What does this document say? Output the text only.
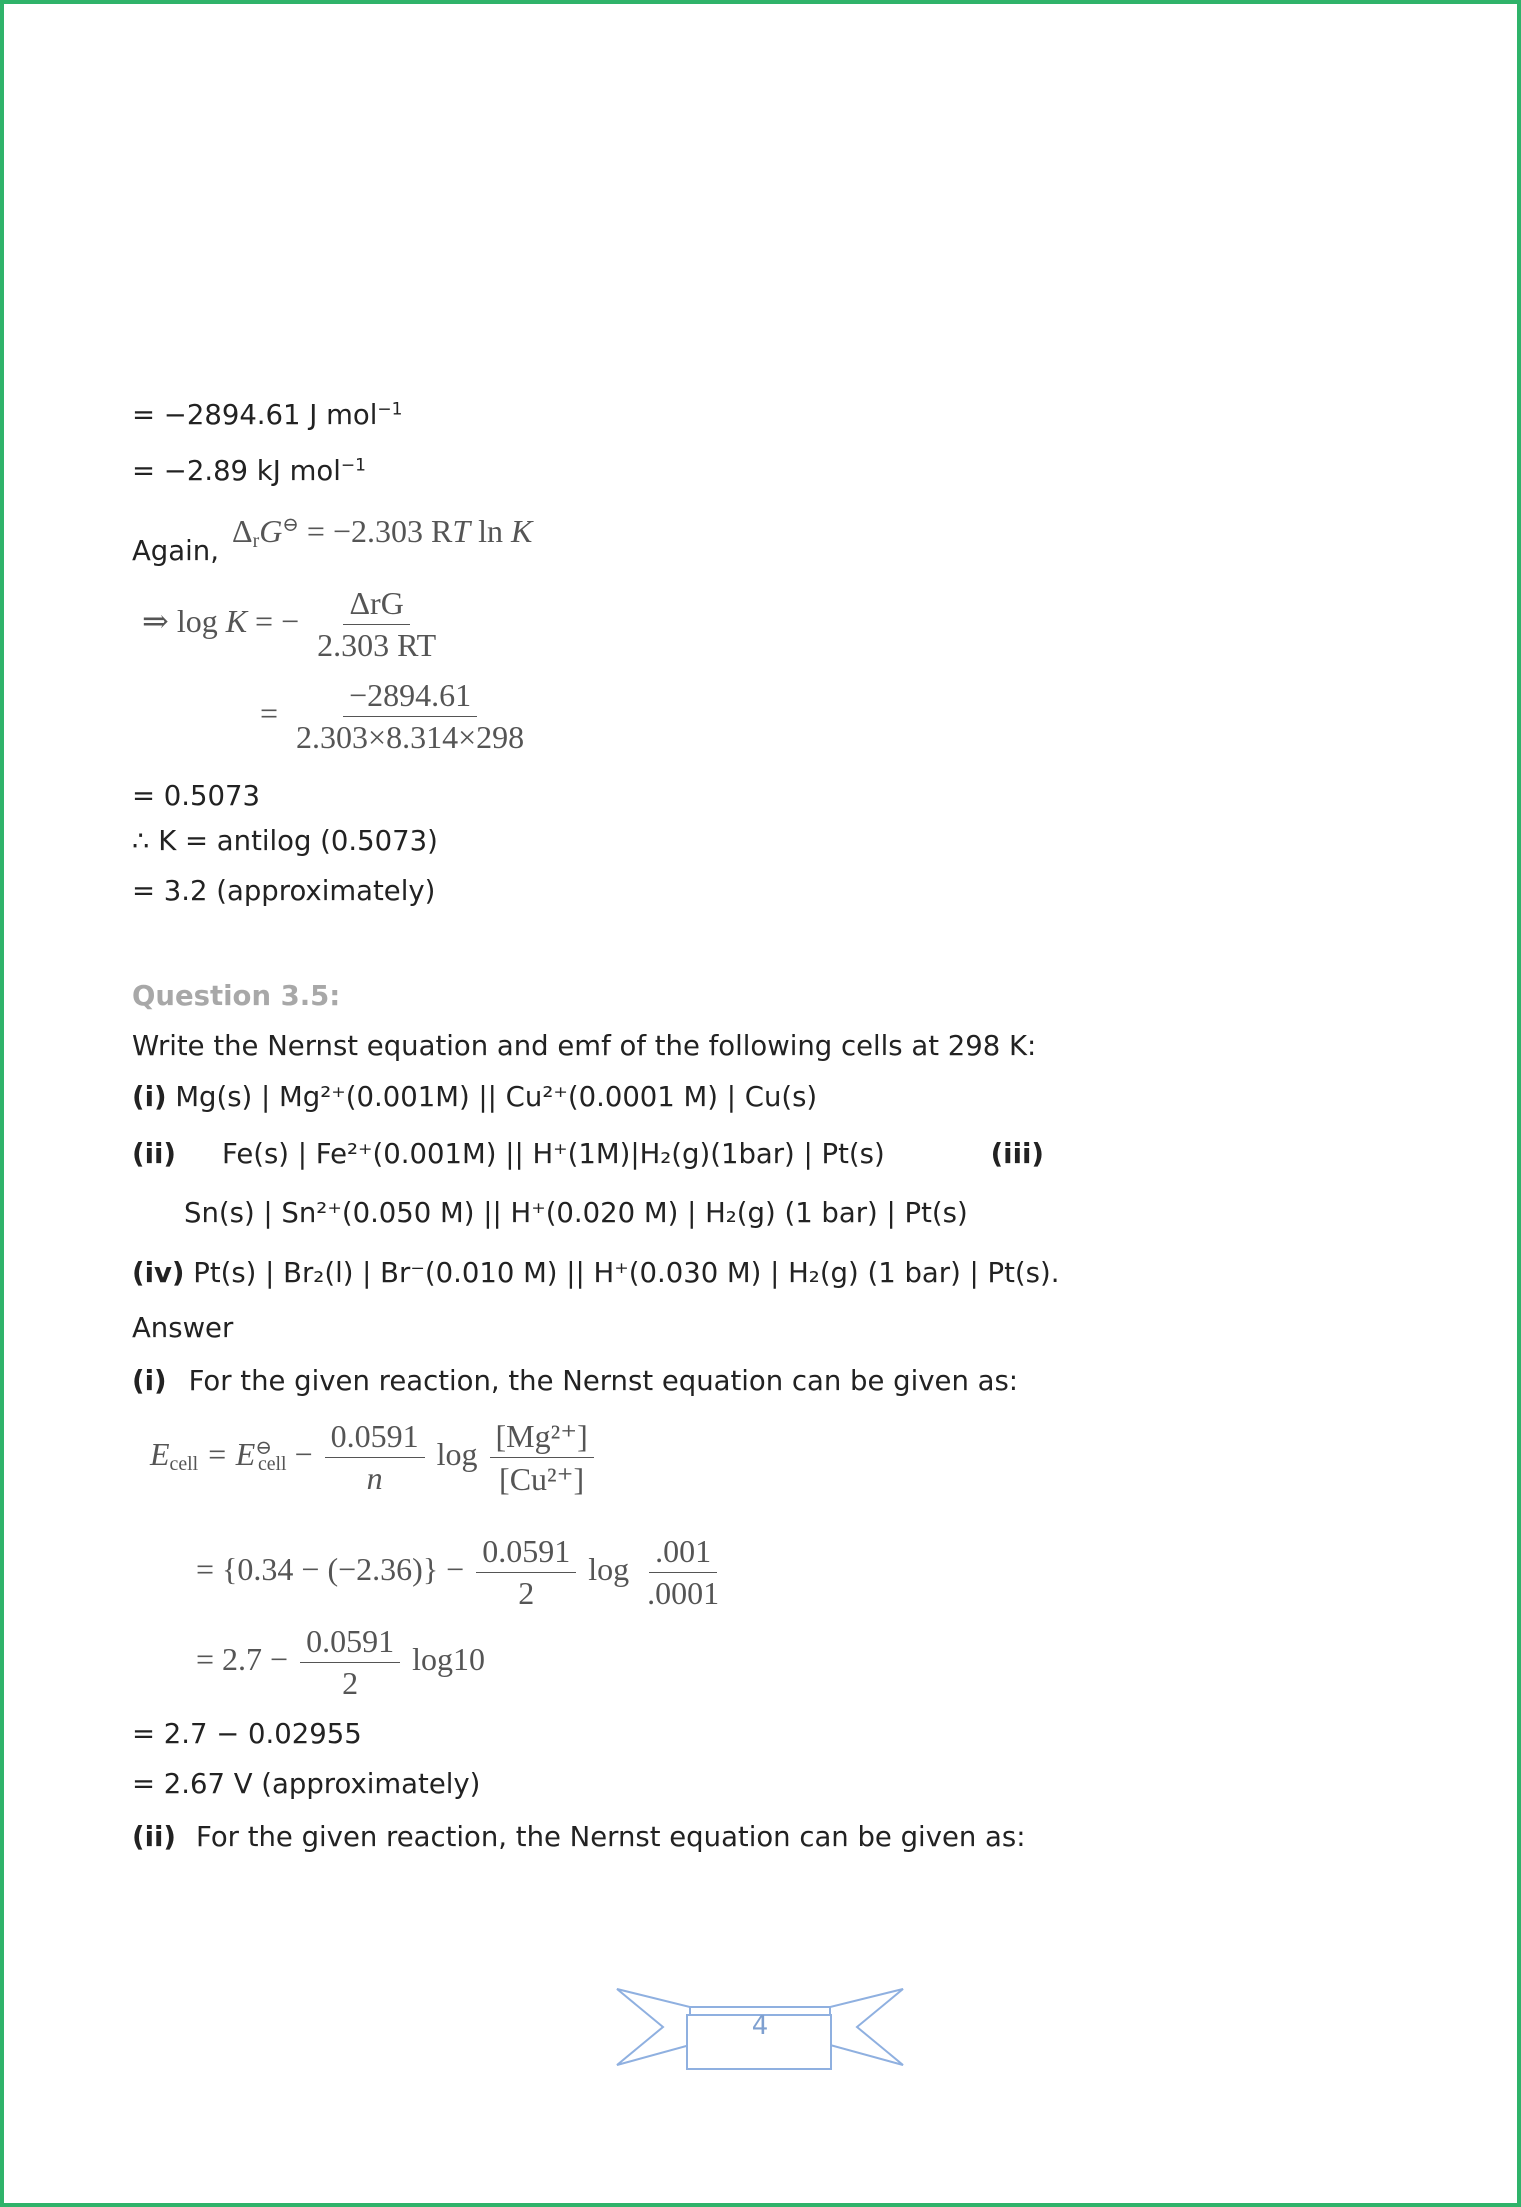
= −2894.61 J mol$^{-1}$
= −2.89 kJ mol$^{-1}$
Again,
$\Delta_rG^⊖ = -2.303$ RT ln K
⇒ log K = − $\frac{\text{ΔrG}}{2.303 RT}$
= $\frac{-2894.61}{2.303\times 8.314\times 298}$
= 0.5073
∴ K = antilog (0.5073)
= 3.2 (approximately)
Question 3.5:
Write the Nernst equation and emf of the following cells at 298 K:
(i) Mg(s) | Mg²⁺(0.001M) || Cu²⁺(0.0001 M) | Cu(s)
(ii) Fe(s) | Fe²⁺(0.001M) || H⁺(1M)|H₂(g)(1bar) | Pt(s)	(iii)
Sn(s) | Sn²⁺(0.050 M) || H⁺(0.020 M) | H₂(g) (1 bar) | Pt(s)
(iv) Pt(s) | Br₂(l) | Br⁻(0.010 M) || H⁺(0.030 M) | H₂(g) (1 bar) | Pt(s).
Answer
(i) For the given reaction, the Nernst equation can be given as:
$E_{cell} = E^⊖_{cell} - \frac{0.0591}{n}$ $\log \frac{\text{[Mg²⁺]}}{\text{[Cu²⁺]}}$
= $\{0.34 - (-2.36)\} - \frac{0.0591}{2}$ $\log \frac{.001}{.0001}$
= $2.7 - \frac{0.0591}{2} \log 10$
= 2.7 − 0.02955
= 2.67 V (approximately)
(ii) For the given reaction, the Nernst equation can be given as:
4
